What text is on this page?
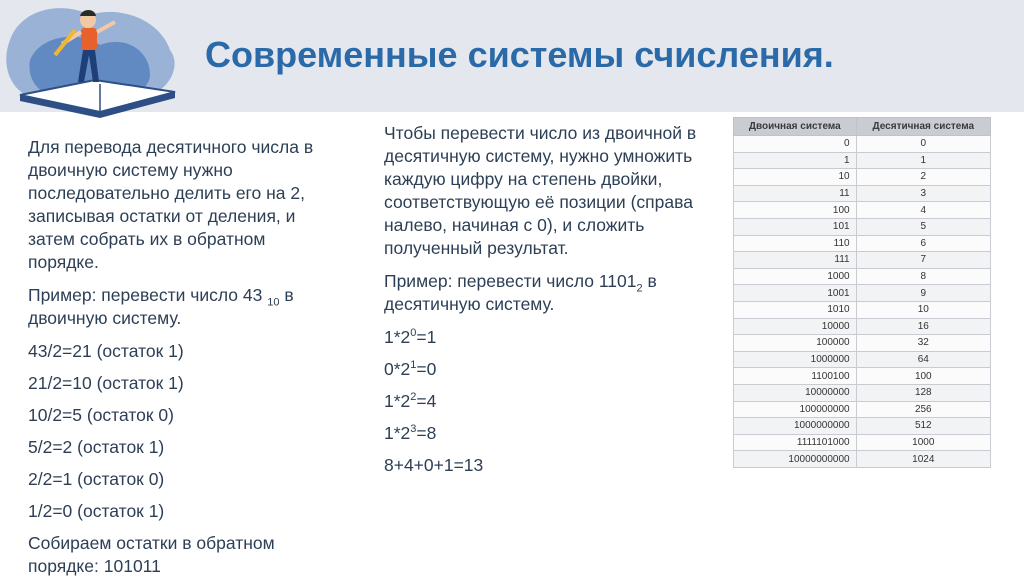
Современные системы счисления.

Для перевода десятичного числа в двоичную систему нужно последовательно делить его на 2, записывая остатки от деления, и затем собрать их в обратном порядке.

Пример: перевести число 43 $_{10}$ в двоичную систему.

43/2=21 (остаток 1)

21/2=10 (остаток 1)

10/2=5 (остаток 0)

5/2=2 (остаток 1)

2/2=1 (остаток 0)

1/2=0 (остаток 1)

Собираем остатки в обратном порядке: 101011

Чтобы перевести число из двоичной в десятичную систему, нужно умножить каждую цифру на степень двойки, соответствующую её позиции (справа налево, начиная с 0), и сложить полученный результат.

Пример: перевести число $1101_2$ в десятичную систему.

$1*2^0=1$

$0*2^1=0$

$1*2^2=4$

$1*2^3=8$

8+4+0+1=13

Двоичная система	Десятичная система
0	0
1	1
10	2
11	3
100	4
101	5
110	6
111	7
1000	8
1001	9
1010	10
10000	16
100000	32
1000000	64
1100100	100
10000000	128
100000000	256
1000000000	512
1111101000	1000
10000000000	1024
